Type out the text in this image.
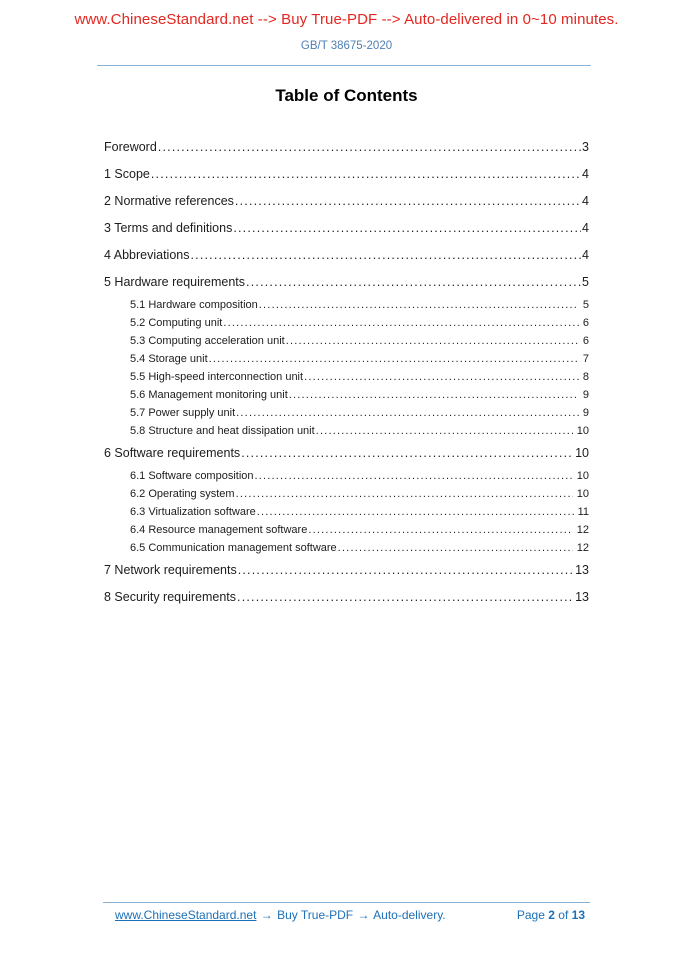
www.ChineseStandard.net --> Buy True-PDF --> Auto-delivered in 0~10 minutes.
GB/T 38675-2020
Table of Contents
Foreword .....	3
1 Scope .....	4
2 Normative references .....	4
3 Terms and definitions .....	4
4 Abbreviations .....	4
5 Hardware requirements .....	5
5.1 Hardware composition .....	5
5.2 Computing unit .....	6
5.3 Computing acceleration unit .....	6
5.4 Storage unit .....	7
5.5 High-speed interconnection unit .....	8
5.6 Management monitoring unit .....	9
5.7 Power supply unit .....	9
5.8 Structure and heat dissipation unit .....	10
6 Software requirements .....	10
6.1 Software composition .....	10
6.2 Operating system .....	10
6.3 Virtualization software .....	11
6.4 Resource management software .....	12
6.5 Communication management software .....	12
7 Network requirements .....	13
8 Security requirements .....	13
www.ChineseStandard.net → Buy True-PDF → Auto-delivery.	Page 2 of 13
